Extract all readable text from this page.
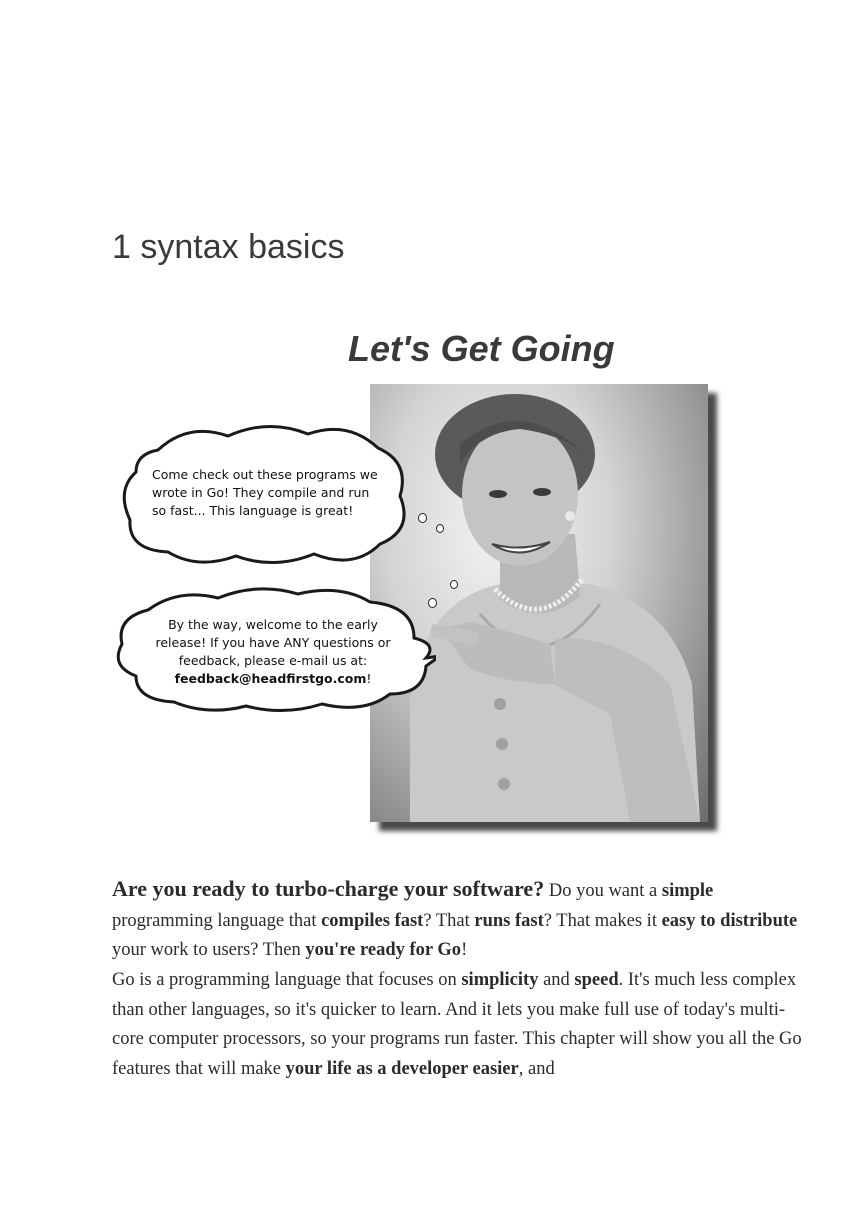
1 syntax basics
Let's Get Going
Come check out these programs we wrote in Go! They compile and run so fast... This language is great!
By the way, welcome to the early
release! If you have ANY questions or
feedback, please e-mail us at:
feedback@headfirstgo.com!

Are you ready to turbo-charge your software? Do you want a simple programming language that compiles fast? That runs fast? That makes it easy to distribute your work to users? Then you're ready for Go!

Go is a programming language that focuses on simplicity and speed. It's much less complex than other languages, so it's quicker to learn. And it lets you make full use of today's multi-core computer processors, so your programs run faster. This chapter will show you all the Go features that will make your life as a developer easier, and
